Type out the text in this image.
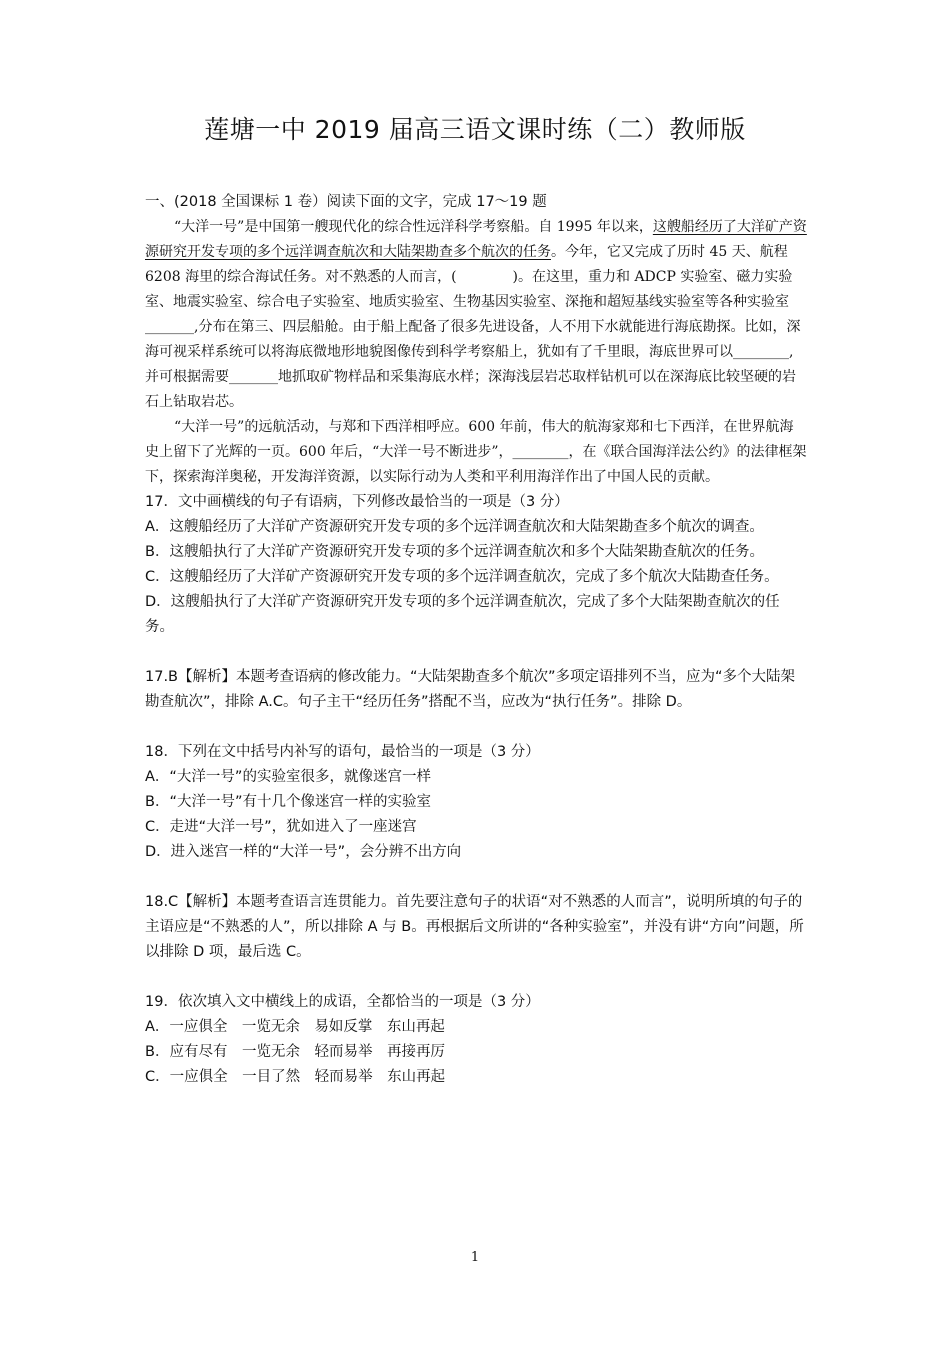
莲塘一中 2019 届高三语文课时练（二）教师版

一、(2018 全国课标 1 卷）阅读下面的文字，完成 17～19 题

“大洋一号”是中国第一艘现代化的综合性远洋科学考察船。自 1995 年以来，这艘船经历了大洋矿产资源研究开发专项的多个远洋调查航次和大陆架勘查多个航次的任务。今年，它又完成了历时 45 天、航程 6208 海里的综合海试任务。对不熟悉的人而言，(　　　　)。在这里，重力和 ADCP 实验室、磁力实验室、地震实验室、综合电子实验室、地质实验室、生物基因实验室、深拖和超短基线实验室等各种实验室_______,分布在第三、四层船舱。由于船上配备了很多先进设备，人不用下水就能进行海底勘探。比如，深海可视采样系统可以将海底微地形地貌图像传到科学考察船上，犹如有了千里眼，海底世界可以________,并可根据需要_______地抓取矿物样品和采集海底水样；深海浅层岩芯取样钻机可以在深海底比较坚硬的岩石上钻取岩芯。

“大洋一号”的远航活动，与郑和下西洋相呼应。600 年前，伟大的航海家郑和七下西洋，在世界航海史上留下了光辉的一页。600 年后，“大洋一号不断进步”，________，在《联合国海洋法公约》的法律框架下，探索海洋奥秘，开发海洋资源，以实际行动为人类和平利用海洋作出了中国人民的贡献。

17．文中画横线的句子有语病，下列修改最恰当的一项是（3 分）

A．这艘船经历了大洋矿产资源研究开发专项的多个远洋调查航次和大陆架勘查多个航次的调查。

B．这艘船执行了大洋矿产资源研究开发专项的多个远洋调查航次和多个大陆架勘查航次的任务。

C．这艘船经历了大洋矿产资源研究开发专项的多个远洋调查航次，完成了多个航次大陆勘查任务。

D．这艘船执行了大洋矿产资源研究开发专项的多个远洋调查航次，完成了多个大陆架勘查航次的任务。

17.B【解析】本题考查语病的修改能力。“大陆架勘查多个航次”多项定语排列不当，应为“多个大陆架勘查航次”，排除 A.C。句子主干“经历任务”搭配不当，应改为“执行任务”。排除 D。

18．下列在文中括号内补写的语句，最恰当的一项是（3 分）

A．“大洋一号”的实验室很多，就像迷宫一样

B．“大洋一号”有十几个像迷宫一样的实验室

C．走进“大洋一号”，犹如进入了一座迷宫

D．进入迷宫一样的“大洋一号”，会分辨不出方向

18.C【解析】本题考查语言连贯能力。首先要注意句子的状语“对不熟悉的人而言”，说明所填的句子的主语应是“不熟悉的人”，所以排除 A 与 B。再根据后文所讲的“各种实验室”，并没有讲“方向”问题，所以排除 D 项，最后选 C。

19．依次填入文中横线上的成语，全都恰当的一项是（3 分）

A．一应俱全　一览无余　易如反掌　东山再起

B．应有尽有　一览无余　轻而易举　再接再厉

C．一应俱全　一目了然　轻而易举　东山再起

1
